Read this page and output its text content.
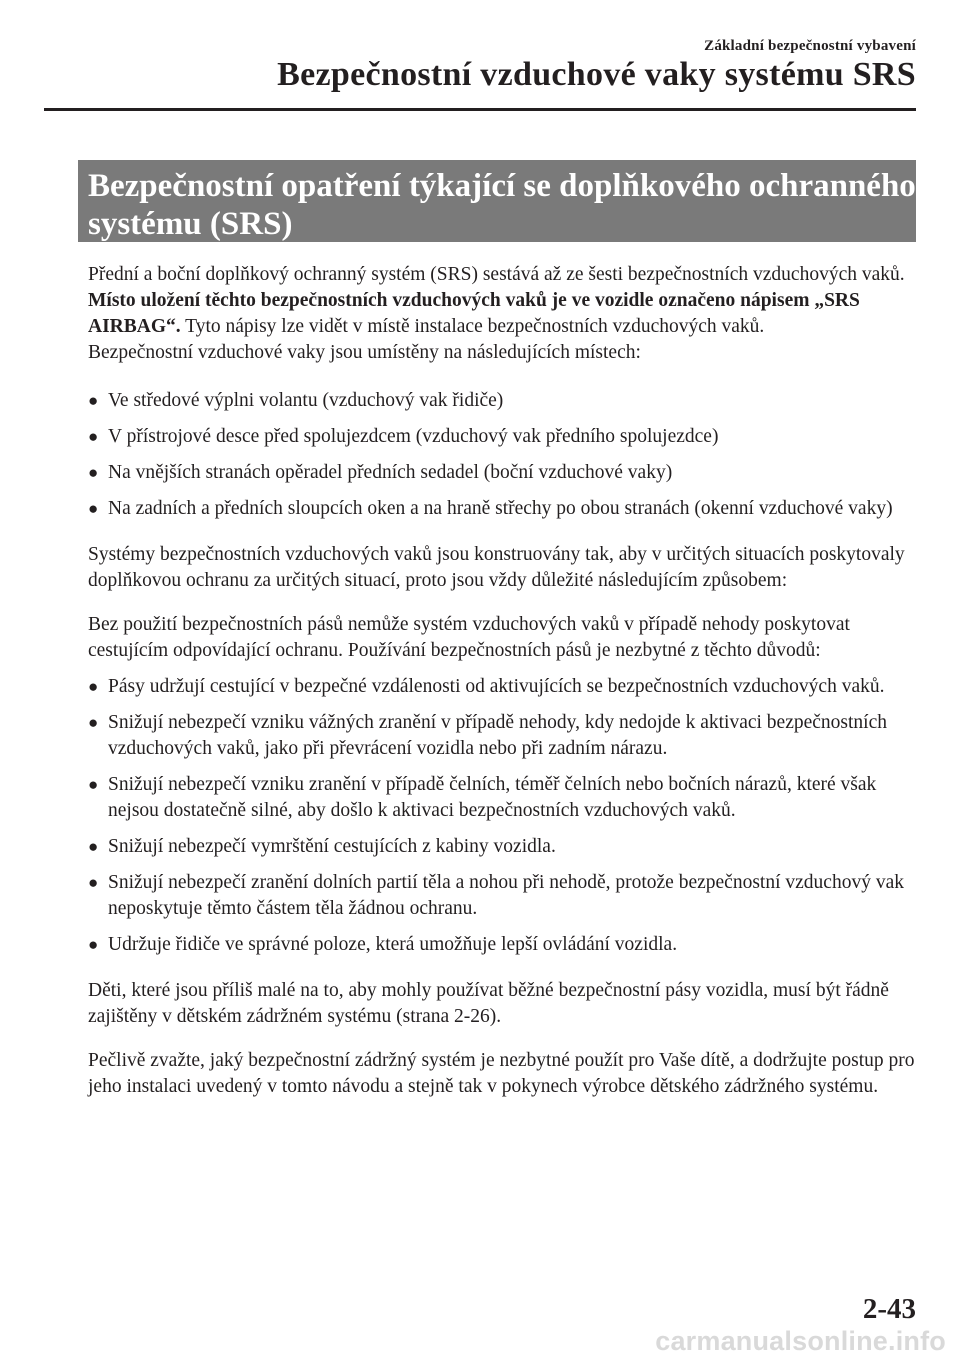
Základní bezpečnostní vybavení
Bezpečnostní vzduchové vaky systému SRS
Bezpečnostní opatření týkající se doplňkového ochranného
systému (SRS)

Přední a boční doplňkový ochranný systém (SRS) sestává až ze šesti bezpečnostních vzduchových vaků. Místo uložení těchto bezpečnostních vzduchových vaků je ve vozidle označeno nápisem „SRS AIRBAG“. Tyto nápisy lze vidět v místě instalace bezpečnostních vzduchových vaků.

Bezpečnostní vzduchové vaky jsou umístěny na následujících místech:

● Ve středové výplni volantu (vzduchový vak řidiče)
● V přístrojové desce před spolujezdcem (vzduchový vak předního spolujezdce)
● Na vnějších stranách opěradel předních sedadel (boční vzduchové vaky)
● Na zadních a předních sloupcích oken a na hraně střechy po obou stranách (okenní vzduchové vaky)

Systémy bezpečnostních vzduchových vaků jsou konstruovány tak, aby v určitých situacích poskytovaly doplňkovou ochranu za určitých situací, proto jsou vždy důležité následujícím způsobem:

Bez použití bezpečnostních pásů nemůže systém vzduchových vaků v případě nehody poskytovat cestujícím odpovídající ochranu. Používání bezpečnostních pásů je nezbytné z těchto důvodů:

● Pásy udržují cestující v bezpečné vzdálenosti od aktivujících se bezpečnostních vzduchových vaků.
● Snižují nebezpečí vzniku vážných zranění v případě nehody, kdy nedojde k aktivaci bezpečnostních vzduchových vaků, jako při převrácení vozidla nebo při zadním nárazu.
● Snižují nebezpečí vzniku zranění v případě čelních, téměř čelních nebo bočních nárazů, které však nejsou dostatečně silné, aby došlo k aktivaci bezpečnostních vzduchových vaků.
● Snižují nebezpečí vymrštění cestujících z kabiny vozidla.
● Snižují nebezpečí zranění dolních partií těla a nohou při nehodě, protože bezpečnostní vzduchový vak neposkytuje těmto částem těla žádnou ochranu.
● Udržuje řidiče ve správné poloze, která umožňuje lepší ovládání vozidla.

Děti, které jsou příliš malé na to, aby mohly používat běžné bezpečnostní pásy vozidla, musí být řádně zajištěny v dětském zádržném systému (strana 2-26).

Pečlivě zvažte, jaký bezpečnostní zádržný systém je nezbytné použít pro Vaše dítě, a dodržujte postup pro jeho instalaci uvedený v tomto návodu a stejně tak v pokynech výrobce dětského zádržného systému.

2-43
carmanualsonline.info
